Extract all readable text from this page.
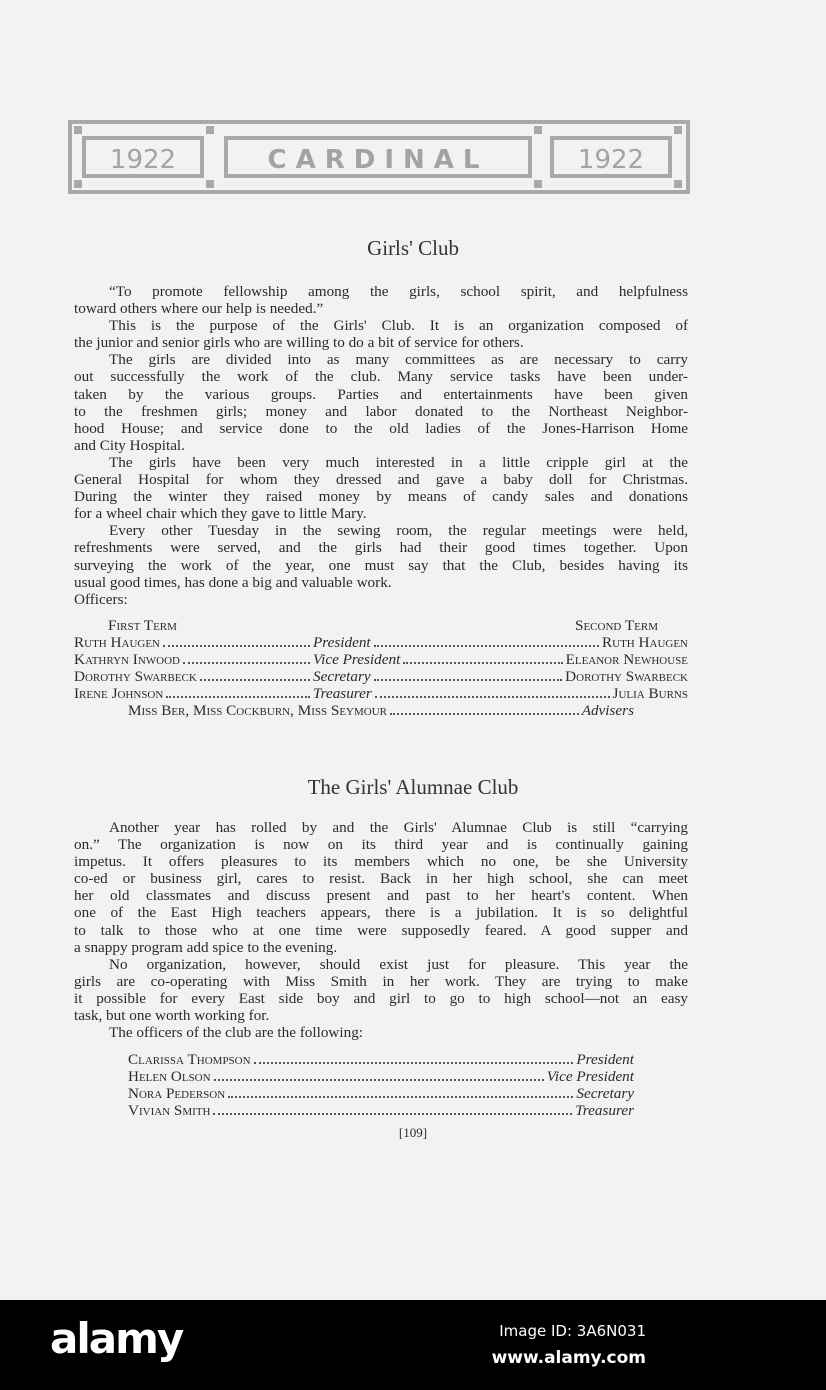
1922	CARDINAL	1922
Girls' Club
“To promote fellowship among the girls, school spirit, and helpfulness
toward others where our help is needed.”
This is the purpose of the Girls' Club. It is an organization composed of
the junior and senior girls who are willing to do a bit of service for others.
The girls are divided into as many committees as are necessary to carry
out successfully the work of the club. Many service tasks have been under-
taken by the various groups. Parties and entertainments have been given
to the freshmen girls; money and labor donated to the Northeast Neighbor-
hood House; and service done to the old ladies of the Jones-Harrison Home
and City Hospital.
The girls have been very much interested in a little cripple girl at the
General Hospital for whom they dressed and gave a baby doll for Christmas.
During the winter they raised money by means of candy sales and donations
for a wheel chair which they gave to little Mary.
Every other Tuesday in the sewing room, the regular meetings were held,
refreshments were served, and the girls had their good times together. Upon
surveying the work of the year, one must say that the Club, besides having its
usual good times, has done a big and valuable work.
Officers:
First Term	Second Term
Ruth Haugen	President	Ruth Haugen
Kathryn Inwood	Vice President	Eleanor Newhouse
Dorothy Swarbeck	Secretary	Dorothy Swarbeck
Irene Johnson	Treasurer	Julia Burns
Miss Ber, Miss Cockburn, Miss Seymour	Advisers
The Girls' Alumnae Club
Another year has rolled by and the Girls' Alumnae Club is still “carrying
on.” The organization is now on its third year and is continually gaining
impetus. It offers pleasures to its members which no one, be she University
co-ed or business girl, cares to resist. Back in her high school, she can meet
her old classmates and discuss present and past to her heart's content. When
one of the East High teachers appears, there is a jubilation. It is so delightful
to talk to those who at one time were supposedly feared. A good supper and
a snappy program add spice to the evening.
No organization, however, should exist just for pleasure. This year the
girls are co-operating with Miss Smith in her work. They are trying to make
it possible for every East side boy and girl to go to high school—not an easy
task, but one worth working for.
The officers of the club are the following:
Clarissa Thompson	President
Helen Olson	Vice President
Nora Pederson	Secretary
Vivian Smith	Treasurer
[109]
alamy	Image ID: 3A6N031
www.alamy.com
